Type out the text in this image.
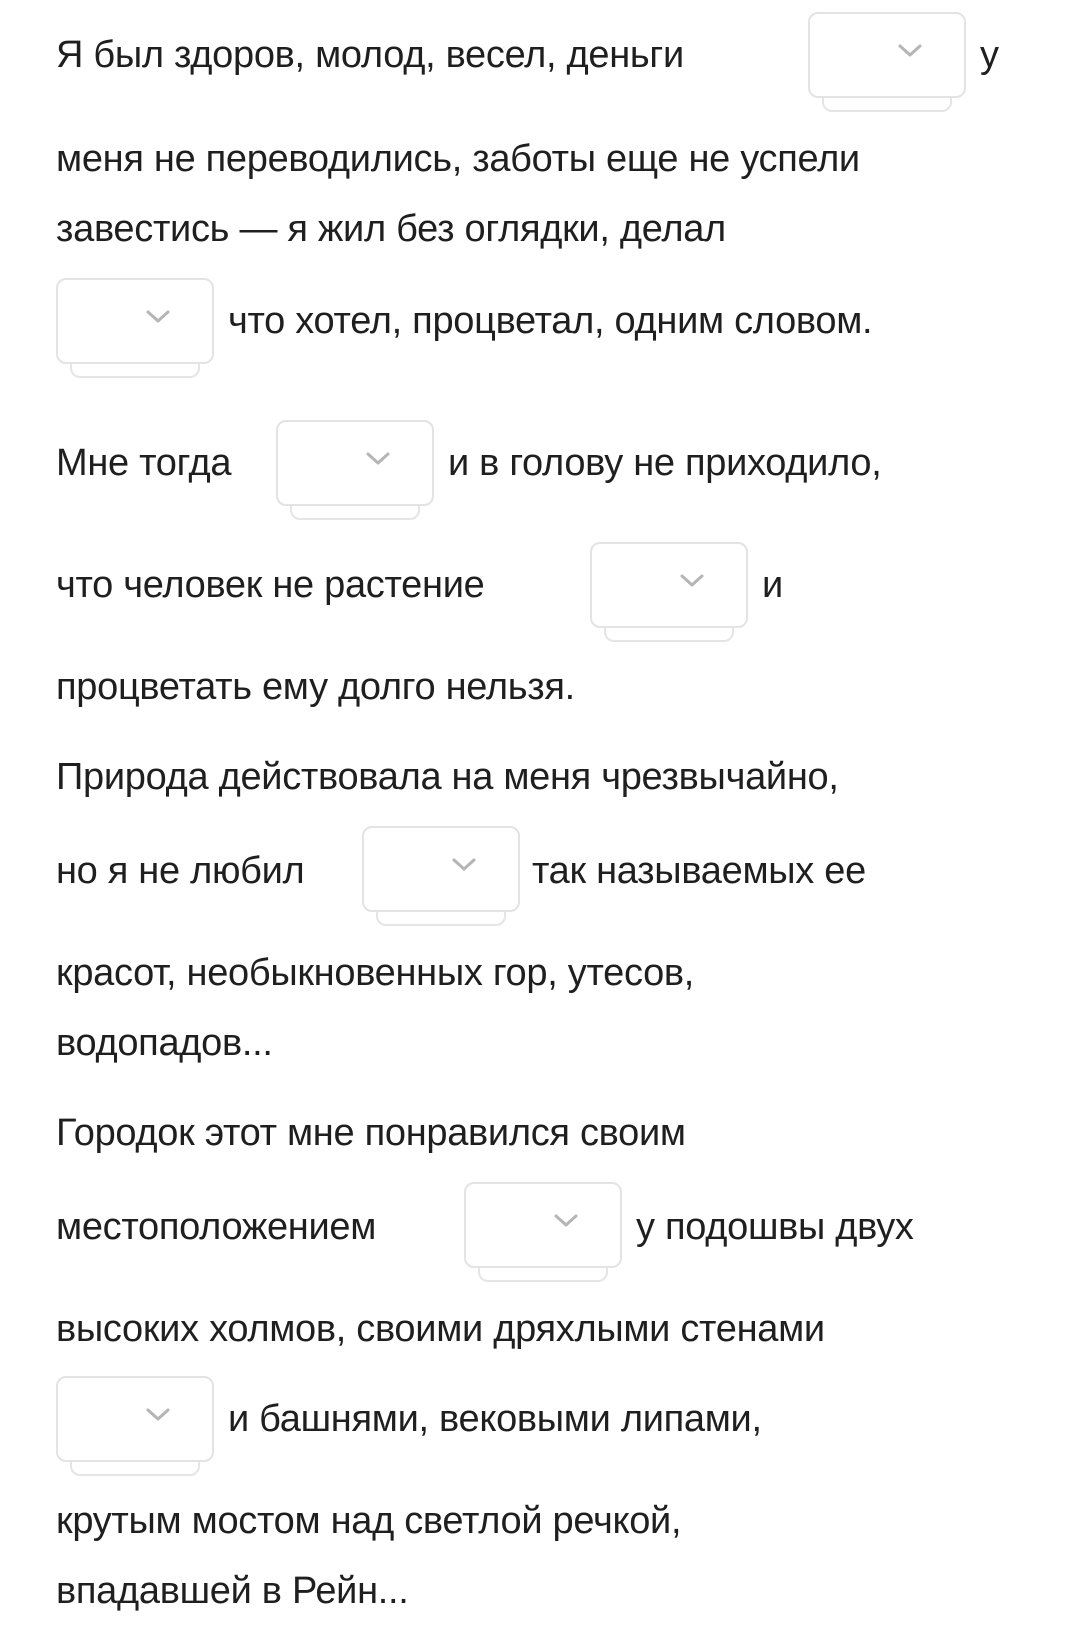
Я был здоров, молод, весел, деньги	у
меня не переводились, заботы еще не успели
завестись — я жил без оглядки, делал
что хотел, процветал, одним словом.
Мне тогда	и в голову не приходило,
что человек не растение	и
процветать ему долго нельзя.
Природа действовала на меня чрезвычайно,
но я не любил	так называемых ее
красот, необыкновенных гор, утесов,
водопадов...
Городок этот мне понравился своим
местоположением	у подошвы двух
высоких холмов, своими дряхлыми стенами
и башнями, вековыми липами,
крутым мостом над светлой речкой,
впадавшей в Рейн...
